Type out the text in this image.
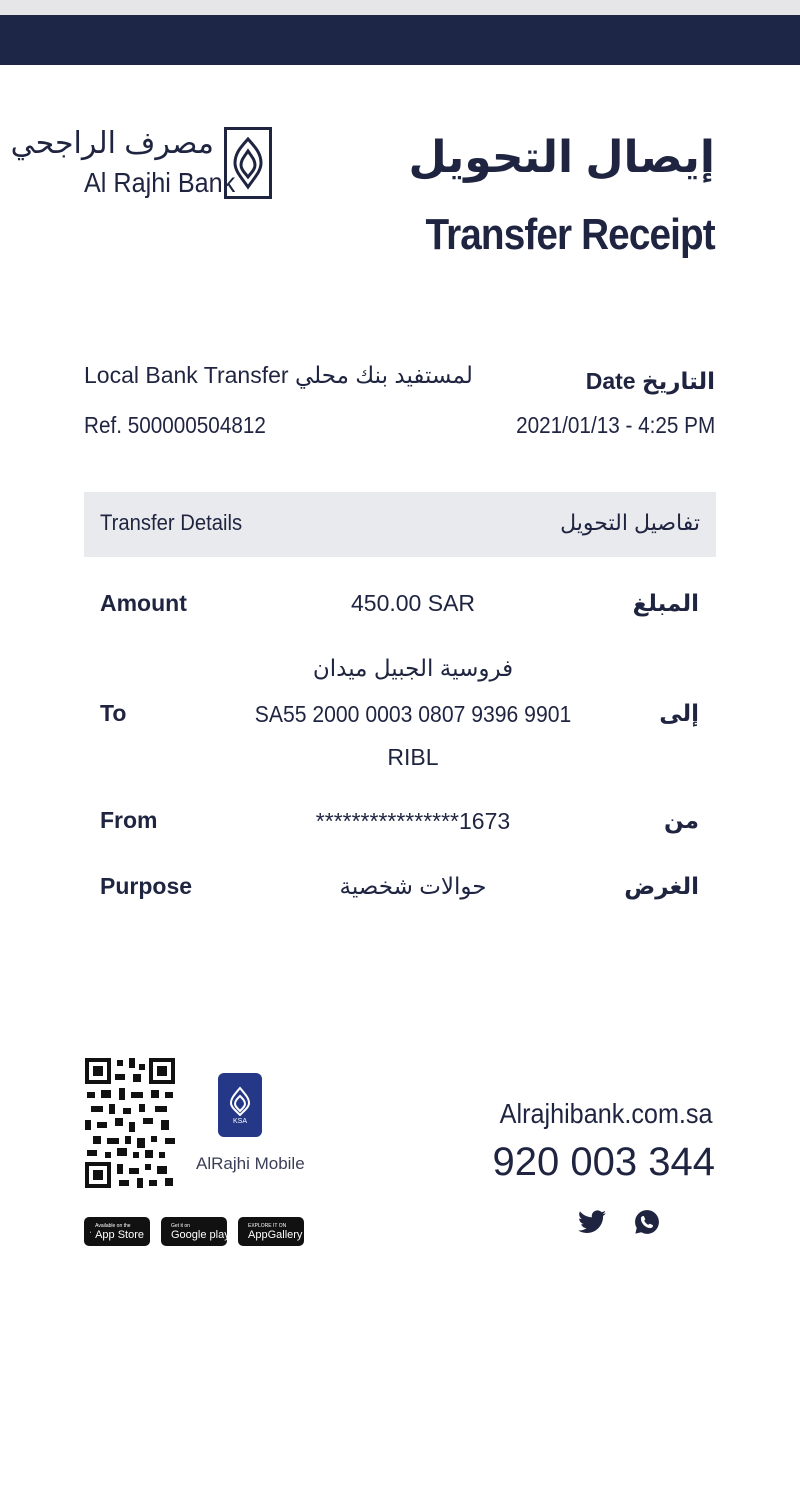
مصرف الراجحي
Al Rajhi Bank
إيصال التحويل
Transfer Receipt
Local Bank Transfer لمستفيد بنك محلي
Ref. 500000504812
Date التاريخ
2021/01/13 - 4:25 PM
Transfer Details	تفاصيل التحويل
Amount	450.00 SAR	المبلغ
فروسية الجبيل ميدان
To	SA55 2000 0003 0807 9396 9901	إلى
RIBL
From	****************1673	من
Purpose	حوالات شخصية	الغرض
KSA
AlRajhi Mobile
Available on the
App Store
Get it on
Google play
EXPLORE IT ON
AppGallery
Alrajhibank.com.sa
920 003 344
